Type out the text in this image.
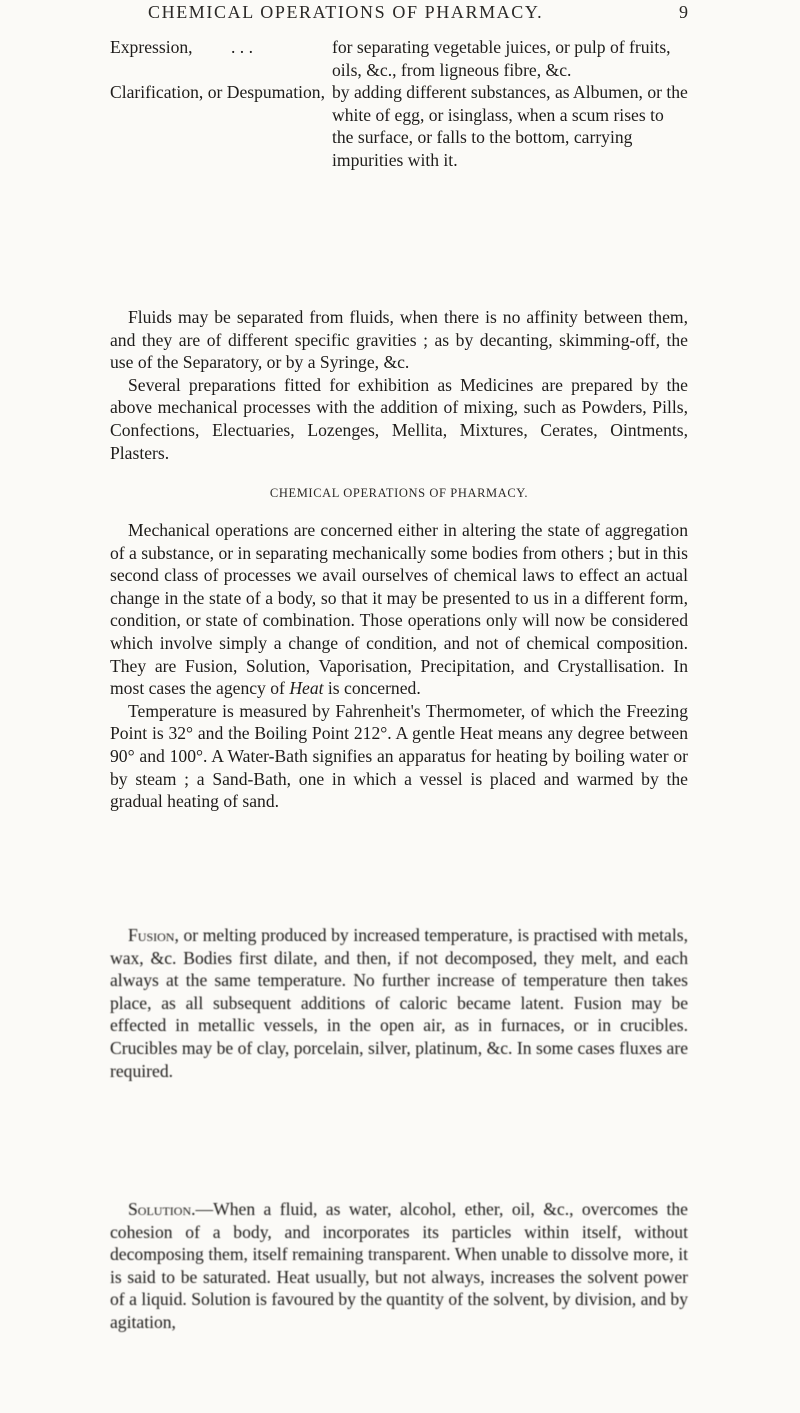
CHEMICAL OPERATIONS OF PHARMACY.	9
Expression, . . .	for separating vegetable juices, or pulp of fruits, oils, &c., from ligneous fibre, &c.
Clarification, or Despumation, by adding different substances, as Albumen, or the white of egg, or isinglass, when a scum rises to the surface, or falls to the bottom, carrying impurities with it.

Fluids may be separated from fluids, when there is no affinity between them, and they are of different specific gravities ; as by decanting, skimming-off, the use of the Separatory, or by a Syringe, &c.

Several preparations fitted for exhibition as Medicines are prepared by the above mechanical processes with the addition of mixing, such as Powders, Pills, Confections, Electuaries, Lozenges, Mellita, Mixtures, Cerates, Ointments, Plasters.

CHEMICAL OPERATIONS OF PHARMACY.

Mechanical operations are concerned either in altering the state of aggregation of a substance, or in separating mechanically some bodies from others ; but in this second class of processes we avail ourselves of chemical laws to effect an actual change in the state of a body, so that it may be presented to us in a different form, condition, or state of combination. Those operations only will now be considered which involve simply a change of condition, and not of chemical composition. They are Fusion, Solution, Vaporisation, Precipitation, and Crystallisation. In most cases the agency of Heat is concerned.

Temperature is measured by Fahrenheit's Thermometer, of which the Freezing Point is 32° and the Boiling Point 212°. A gentle Heat means any degree between 90° and 100°. A Water-Bath signifies an apparatus for heating by boiling water or by steam ; a Sand-Bath, one in which a vessel is placed and warmed by the gradual heating of sand.

Fusion, or melting produced by increased temperature, is practised with metals, wax, &c. Bodies first dilate, and then, if not decomposed, they melt, and each always at the same temperature. No further increase of temperature then takes place, as all subsequent additions of caloric became latent. Fusion may be effected in metallic vessels, in the open air, as in furnaces, or in crucibles. Crucibles may be of clay, porcelain, silver, platinum, &c. In some cases fluxes are required.

Solution.—When a fluid, as water, alcohol, ether, oil, &c., overcomes the cohesion of a body, and incorporates its particles within itself, without decomposing them, itself remaining transparent. When unable to dissolve more, it is said to be saturated. Heat usually, but not always, increases the solvent power of a liquid. Solution is favoured by the quantity of the solvent, by division, and by agitation,
